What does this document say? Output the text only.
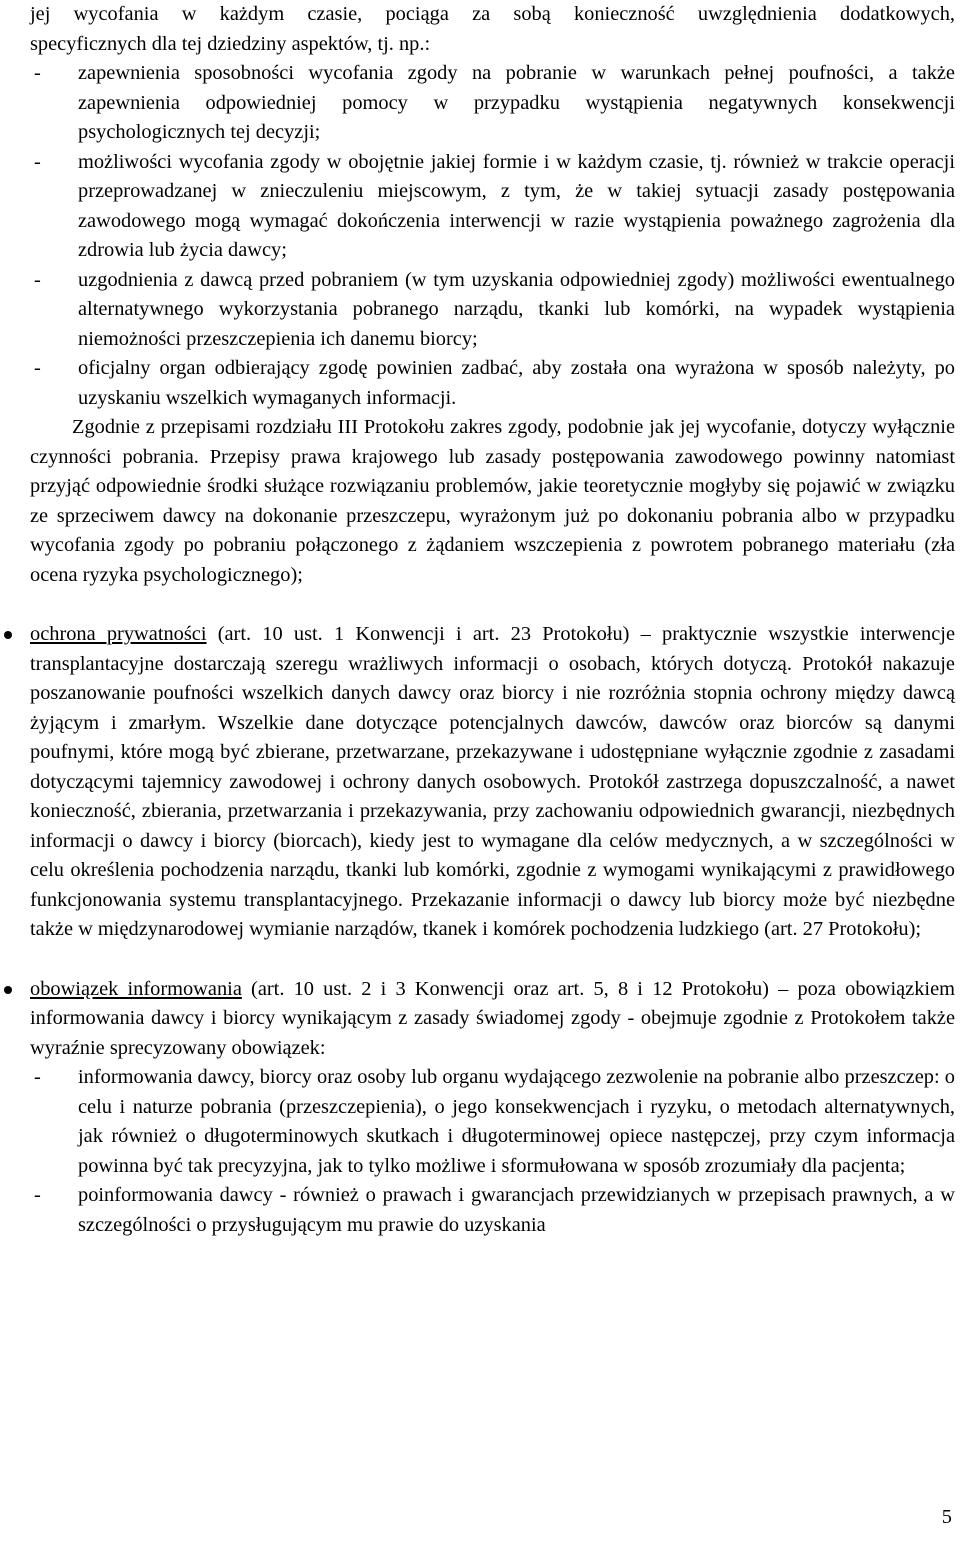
jej wycofania w każdym czasie, pociąga za sobą konieczność uwzględnienia dodatkowych,

specyficznych dla tej dziedziny aspektów, tj. np.:

- zapewnienia sposobności wycofania zgody na pobranie w warunkach pełnej poufności, a także zapewnienia odpowiedniej pomocy w przypadku wystąpienia negatywnych konsekwencji psychologicznych tej decyzji;

- możliwości wycofania zgody w obojętnie jakiej formie i w każdym czasie, tj. również w trakcie operacji przeprowadzanej w znieczuleniu miejscowym, z tym, że w takiej sytuacji zasady postępowania zawodowego mogą wymagać dokończenia interwencji w razie wystąpienia poważnego zagrożenia dla zdrowia lub życia dawcy;

- uzgodnienia z dawcą przed pobraniem (w tym uzyskania odpowiedniej zgody) możliwości ewentualnego alternatywnego wykorzystania pobranego narządu, tkanki lub komórki, na wypadek wystąpienia niemożności przeszczepienia ich danemu biorcy;

- oficjalny organ odbierający zgodę powinien zadbać, aby została ona wyrażona w sposób należyty, po uzyskaniu wszelkich wymaganych informacji.

Zgodnie z przepisami rozdziału III Protokołu zakres zgody, podobnie jak jej wycofanie, dotyczy wyłącznie czynności pobrania. Przepisy prawa krajowego lub zasady postępowania zawodowego powinny natomiast przyjąć odpowiednie środki służące rozwiązaniu problemów, jakie teoretycznie mogłyby się pojawić w związku ze sprzeciwem dawcy na dokonanie przeszczepu, wyrażonym już po dokonaniu pobrania albo w przypadku wycofania zgody po pobraniu połączonego z żądaniem wszczepienia z powrotem pobranego materiału (zła ocena ryzyka psychologicznego);

ochrona prywatności (art. 10 ust. 1 Konwencji i art. 23 Protokołu) – praktycznie wszystkie interwencje transplantacyjne dostarczają szeregu wrażliwych informacji o osobach, których dotyczą. Protokół nakazuje poszanowanie poufności wszelkich danych dawcy oraz biorcy i nie rozróżnia stopnia ochrony między dawcą żyjącym i zmarłym. Wszelkie dane dotyczące potencjalnych dawców, dawców oraz biorców są danymi poufnymi, które mogą być zbierane, przetwarzane, przekazywane i udostępniane wyłącznie zgodnie z zasadami dotyczącymi tajemnicy zawodowej i ochrony danych osobowych. Protokół zastrzega dopuszczalność, a nawet konieczność, zbierania, przetwarzania i przekazywania, przy zachowaniu odpowiednich gwarancji, niezbędnych informacji o dawcy i biorcy (biorcach), kiedy jest to wymagane dla celów medycznych, a w szczególności w celu określenia pochodzenia narządu, tkanki lub komórki, zgodnie z wymogami wynikającymi z prawidłowego funkcjonowania systemu transplantacyjnego. Przekazanie informacji o dawcy lub biorcy może być niezbędne także w międzynarodowej wymianie narządów, tkanek i komórek pochodzenia ludzkiego (art. 27 Protokołu);

obowiązek informowania (art. 10 ust. 2 i 3 Konwencji oraz art. 5, 8 i 12 Protokołu) – poza obowiązkiem informowania dawcy i biorcy wynikającym z zasady świadomej zgody - obejmuje zgodnie z Protokołem także wyraźnie sprecyzowany obowiązek:

- informowania dawcy, biorcy oraz osoby lub organu wydającego zezwolenie na pobranie albo przeszczep: o celu i naturze pobrania (przeszczepienia), o jego konsekwencjach i ryzyku, o metodach alternatywnych, jak również o długoterminowych skutkach i długoterminowej opiece następczej, przy czym informacja powinna być tak precyzyjna, jak to tylko możliwe i sformułowana w sposób zrozumiały dla pacjenta;

- poinformowania dawcy - również o prawach i gwarancjach przewidzianych w przepisach prawnych, a w szczególności o przysługującym mu prawie do uzyskania

5
